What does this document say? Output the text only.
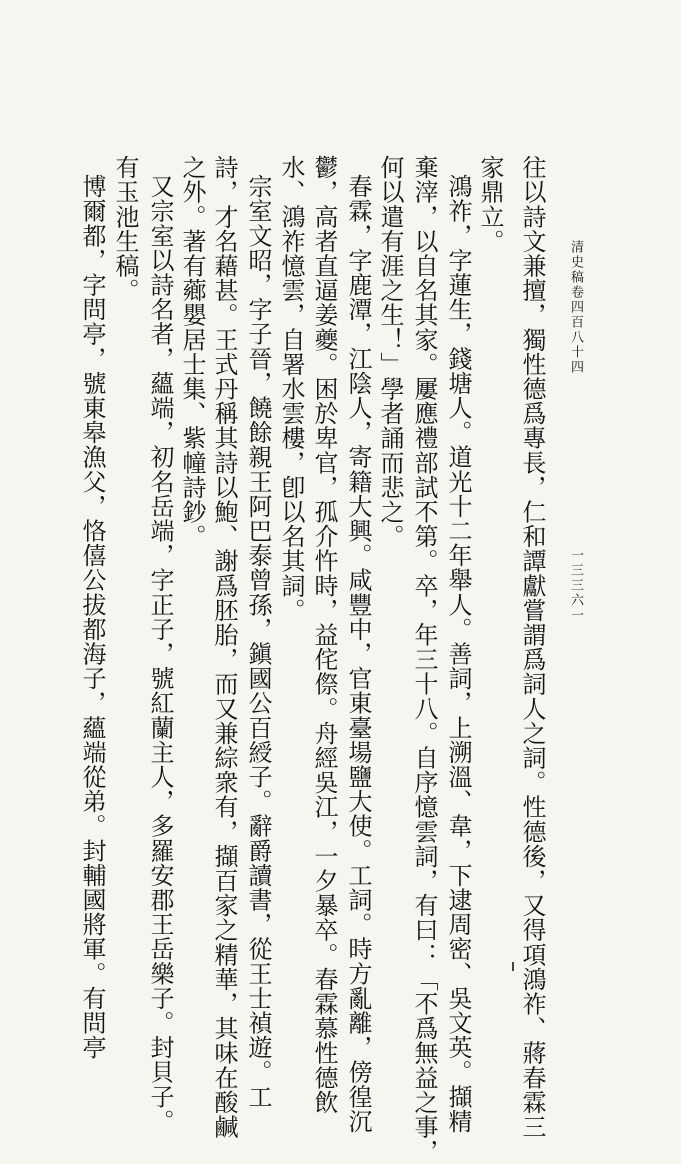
清史稿卷四百八十四
一三三六一
往以詩文兼擅，獨性德爲專長，仁和譚獻嘗謂爲詞人之詞。性德後，又得項鴻祚、蔣春霖三
家鼎立。
鴻祚，字蓮生，錢塘人。道光十二年舉人。善詞，上溯溫、韋，下逮周密、吳文英。擷精
棄滓，以自名其家。屢應禮部試不第。卒，年三十八。自序憶雲詞，有曰：「不爲無益之事，
何以遣有涯之生！」學者誦而悲之。
春霖，字鹿潭，江陰人，寄籍大興。咸豐中，官東臺場鹽大使。工詞。時方亂離，傍徨沉
鬱，高者直逼姜夔。困於卑官，孤介忤時，益侘傺。舟經吳江，一夕暴卒。春霖慕性德飲
水、鴻祚憶雲，自署水雲樓，卽以名其詞。
宗室文昭，字子晉，饒餘親王阿巴泰曾孫，鎭國公百綬子。辭爵讀書，從王士禎遊。工
詩，才名藉甚。王式丹稱其詩以鮑、謝爲胚胎，而又兼綜衆有，擷百家之精華，其味在酸鹹
之外。著有薌嬰居士集、紫幢詩鈔。
又宗室以詩名者，蘊端，初名岳端，字正子，號紅蘭主人，多羅安郡王岳樂子。封貝子。
有玉池生稿。
博爾都，字問亭，號東皋漁父，恪僖公拔都海子，蘊端從弟。封輔國將軍。有問亭
